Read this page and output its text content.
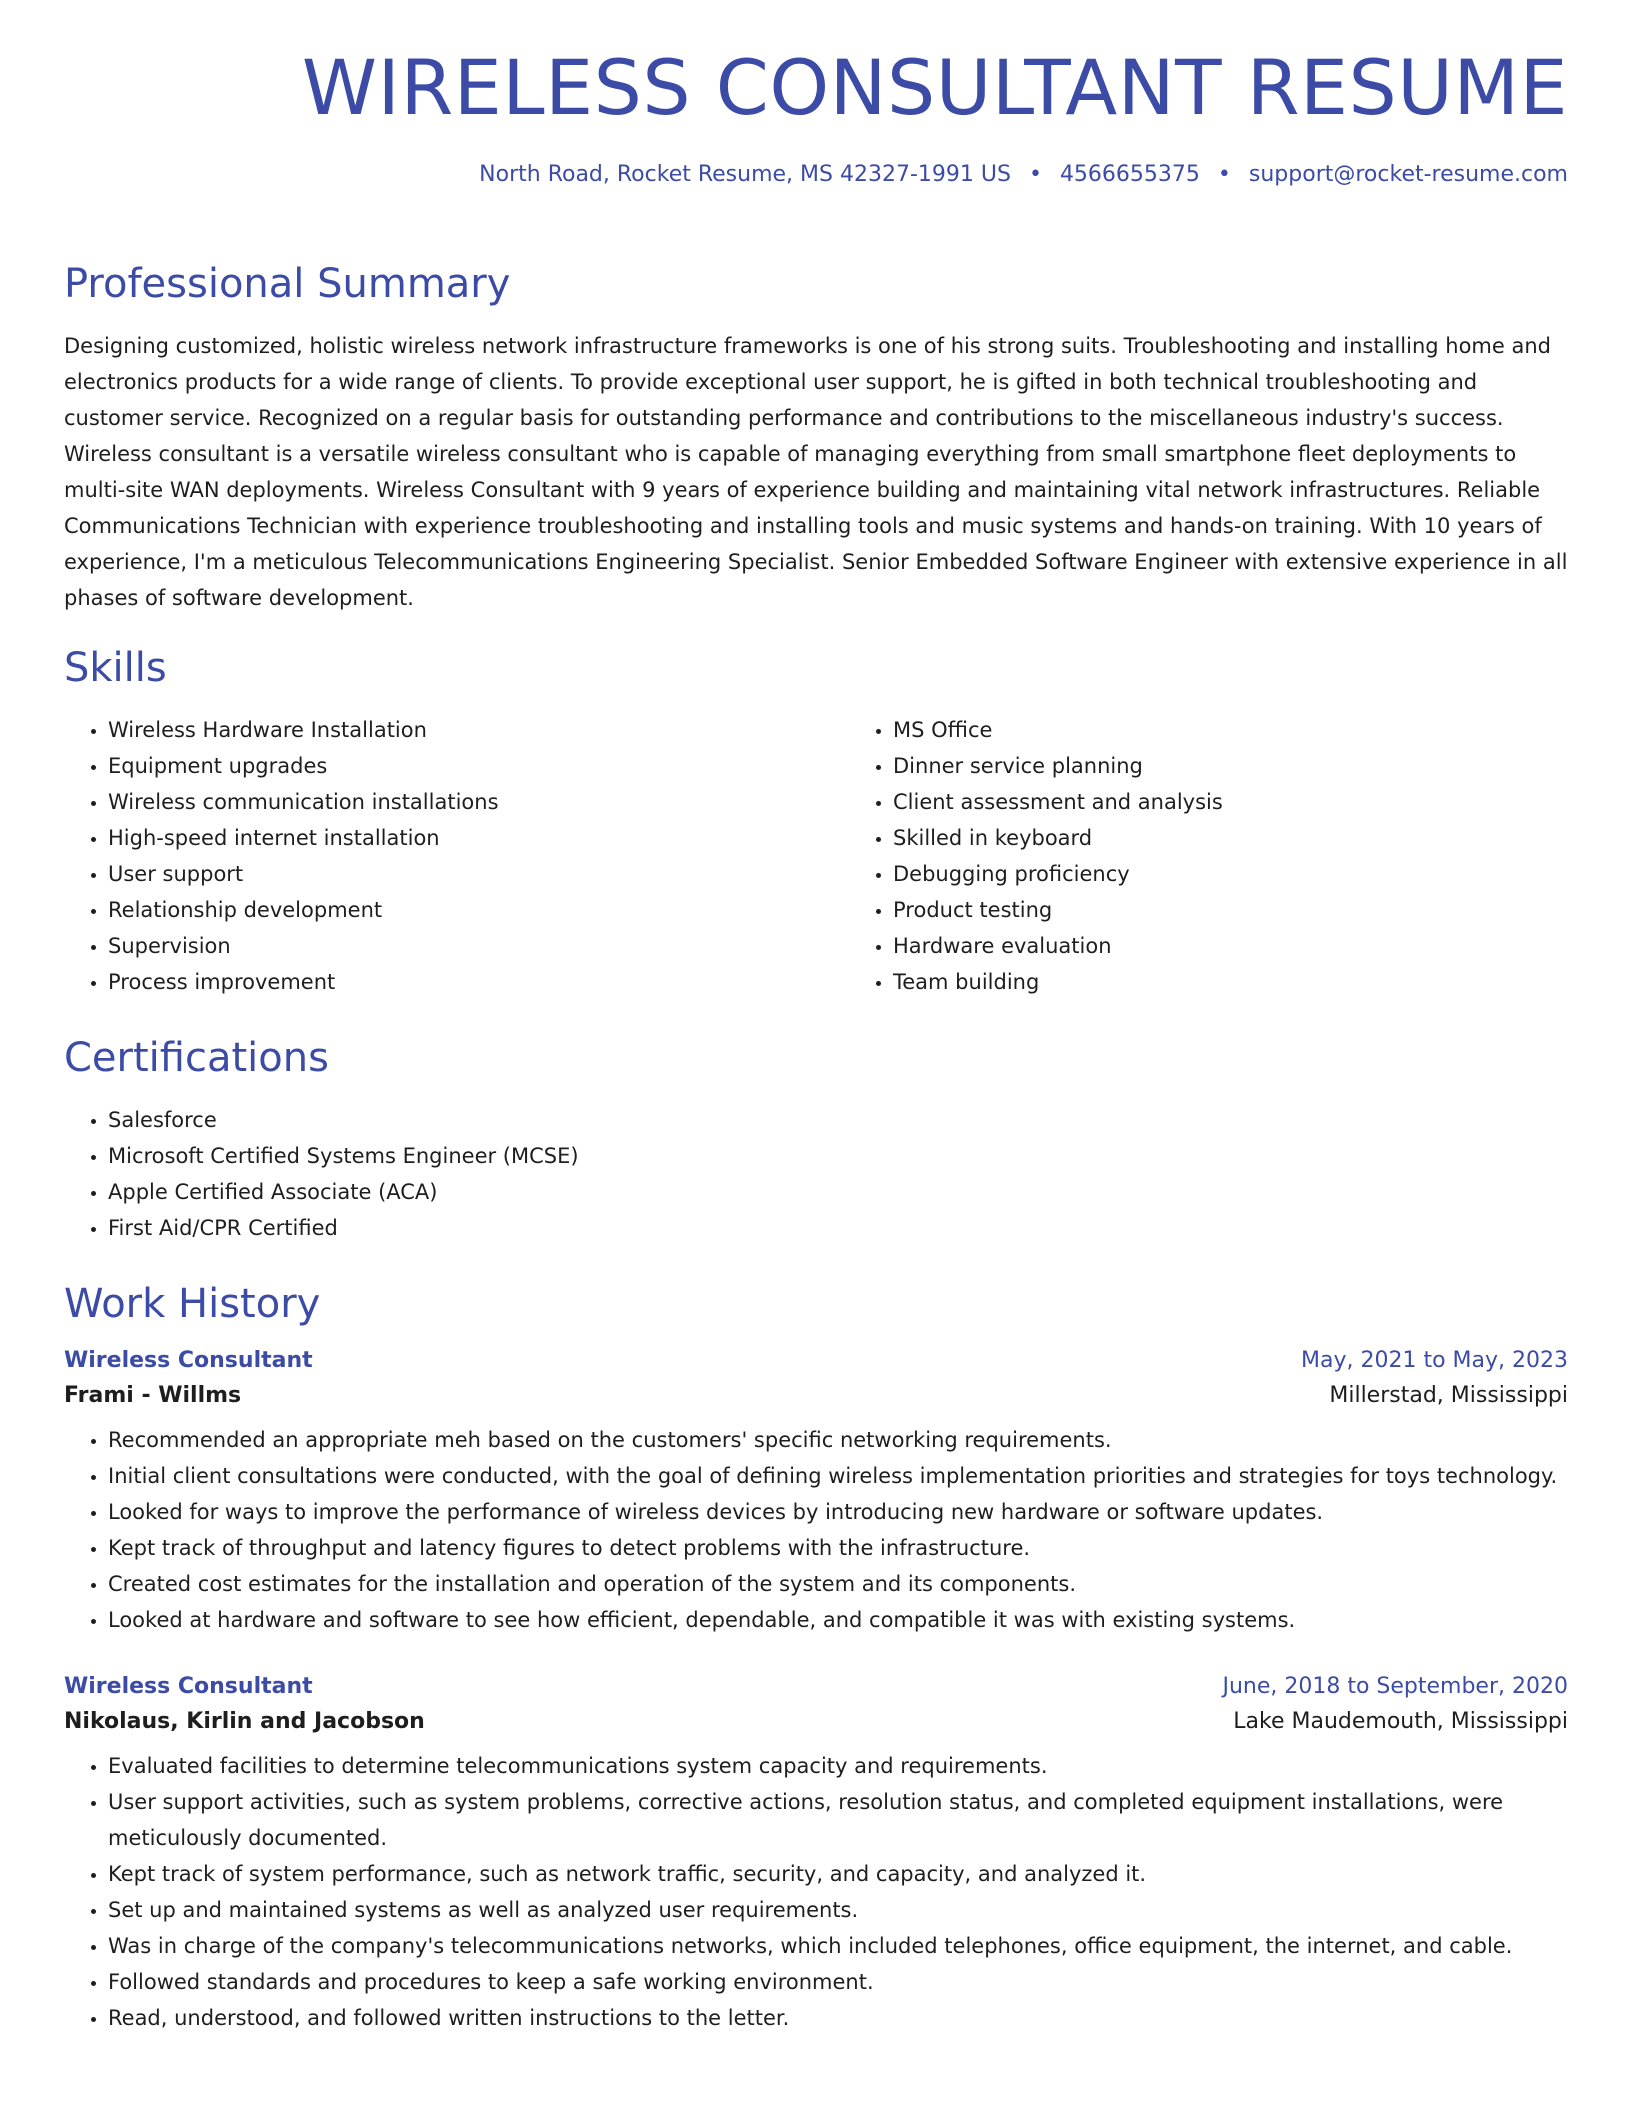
WIRELESS CONSULTANT RESUME
North Road, Rocket Resume, MS 42327-1991 US • 4566655375 • support@rocket-resume.com
Professional Summary

Designing customized, holistic wireless network infrastructure frameworks is one of his strong suits. Troubleshooting and installing home and electronics products for a wide range of clients. To provide exceptional user support, he is gifted in both technical troubleshooting and customer service. Recognized on a regular basis for outstanding performance and contributions to the miscellaneous industry's success. Wireless consultant is a versatile wireless consultant who is capable of managing everything from small smartphone fleet deployments to multi-site WAN deployments. Wireless Consultant with 9 years of experience building and maintaining vital network infrastructures. Reliable Communications Technician with experience troubleshooting and installing tools and music systems and hands-on training. With 10 years of experience, I'm a meticulous Telecommunications Engineering Specialist. Senior Embedded Software Engineer with extensive experience in all phases of software development.

Skills
• Wireless Hardware Installation
• Equipment upgrades
• Wireless communication installations
• High-speed internet installation
• User support
• Relationship development
• Supervision
• Process improvement
• MS Office
• Dinner service planning
• Client assessment and analysis
• Skilled in keyboard
• Debugging proficiency
• Product testing
• Hardware evaluation
• Team building
Certifications
• Salesforce
• Microsoft Certified Systems Engineer (MCSE)
• Apple Certified Associate (ACA)
• First Aid/CPR Certified
Work History
Wireless Consultant	May, 2021 to May, 2023
Frami - Willms	Millerstad, Mississippi
• Recommended an appropriate meh based on the customers' specific networking requirements.
• Initial client consultations were conducted, with the goal of defining wireless implementation priorities and strategies for toys technology.
• Looked for ways to improve the performance of wireless devices by introducing new hardware or software updates.
• Kept track of throughput and latency figures to detect problems with the infrastructure.
• Created cost estimates for the installation and operation of the system and its components.
• Looked at hardware and software to see how efficient, dependable, and compatible it was with existing systems.
Wireless Consultant	June, 2018 to September, 2020
Nikolaus, Kirlin and Jacobson	Lake Maudemouth, Mississippi
• Evaluated facilities to determine telecommunications system capacity and requirements.
• User support activities, such as system problems, corrective actions, resolution status, and completed equipment installations, were meticulously documented.
• Kept track of system performance, such as network traffic, security, and capacity, and analyzed it.
• Set up and maintained systems as well as analyzed user requirements.
• Was in charge of the company's telecommunications networks, which included telephones, office equipment, the internet, and cable.
• Followed standards and procedures to keep a safe working environment.
• Read, understood, and followed written instructions to the letter.
